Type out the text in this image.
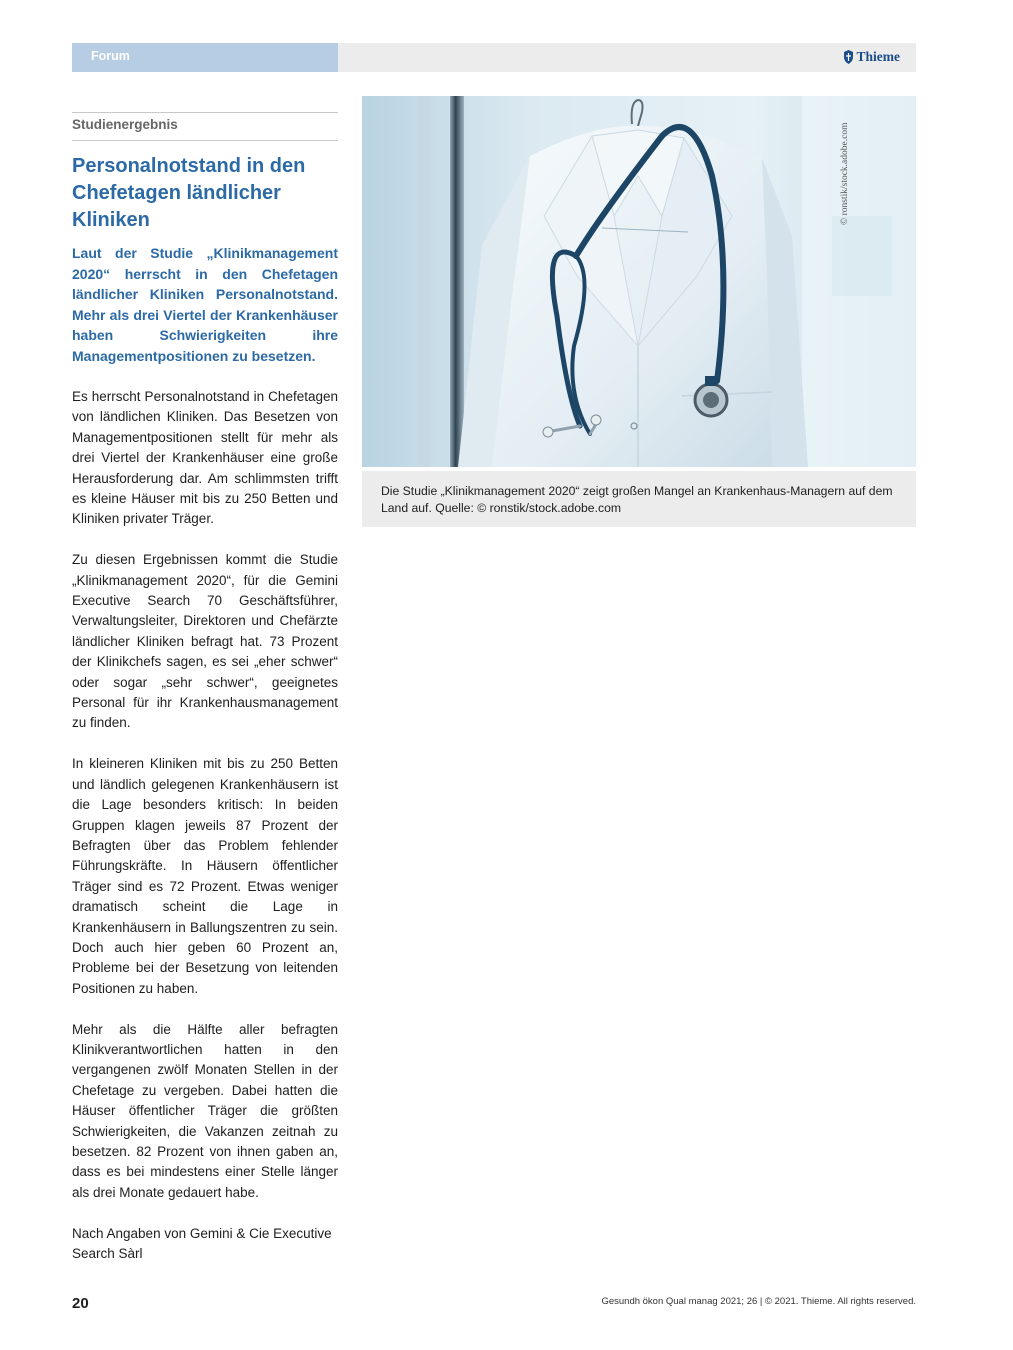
Forum	Thieme
Studienergebnis
Personalnotstand in den Chefetagen ländlicher Kliniken

Laut der Studie „Klinikmanagement 2020“ herrscht in den Chefetagen ländlicher Kliniken Personalnotstand. Mehr als drei Viertel der Krankenhäuser haben Schwierigkeiten ihre Managementpositionen zu besetzen.

Es herrscht Personalnotstand in Chefetagen von ländlichen Kliniken. Das Besetzen von Managementpositionen stellt für mehr als drei Viertel der Krankenhäuser eine große Herausforderung dar. Am schlimmsten trifft es kleine Häuser mit bis zu 250 Betten und Kliniken privater Träger.

Zu diesen Ergebnissen kommt die Studie „Klinikmanagement 2020“, für die Gemini Executive Search 70 Geschäftsführer, Verwaltungsleiter, Direktoren und Chefärzte ländlicher Kliniken befragt hat. 73 Prozent der Klinikchefs sagen, es sei „eher schwer“ oder sogar „sehr schwer“, geeignetes Personal für ihr Krankenhausmanagement zu finden.

In kleineren Kliniken mit bis zu 250 Betten und ländlich gelegenen Krankenhäusern ist die Lage besonders kritisch: In beiden Gruppen klagen jeweils 87 Prozent der Befragten über das Problem fehlender Führungskräfte. In Häusern öffentlicher Träger sind es 72 Prozent. Etwas weniger dramatisch scheint die Lage in Krankenhäusern in Ballungszentren zu sein. Doch auch hier geben 60 Prozent an, Probleme bei der Besetzung von leitenden Positionen zu haben.

Mehr als die Hälfte aller befragten Klinikverantwortlichen hatten in den vergangenen zwölf Monaten Stellen in der Chefetage zu vergeben. Dabei hatten die Häuser öffentlicher Träger die größten Schwierigkeiten, die Vakanzen zeitnah zu besetzen. 82 Prozent von ihnen gaben an, dass es bei mindestens einer Stelle länger als drei Monate gedauert habe.

Nach Angaben von Gemini & Cie Executive Search Sàrl

© ronstik/stock.adobe.com

Die Studie „Klinikmanagement 2020“ zeigt großen Mangel an Krankenhaus-Managern auf dem Land auf. Quelle: © ronstik/stock.adobe.com

20	Gesundh ökon Qual manag 2021; 26 | © 2021. Thieme. All rights reserved.
